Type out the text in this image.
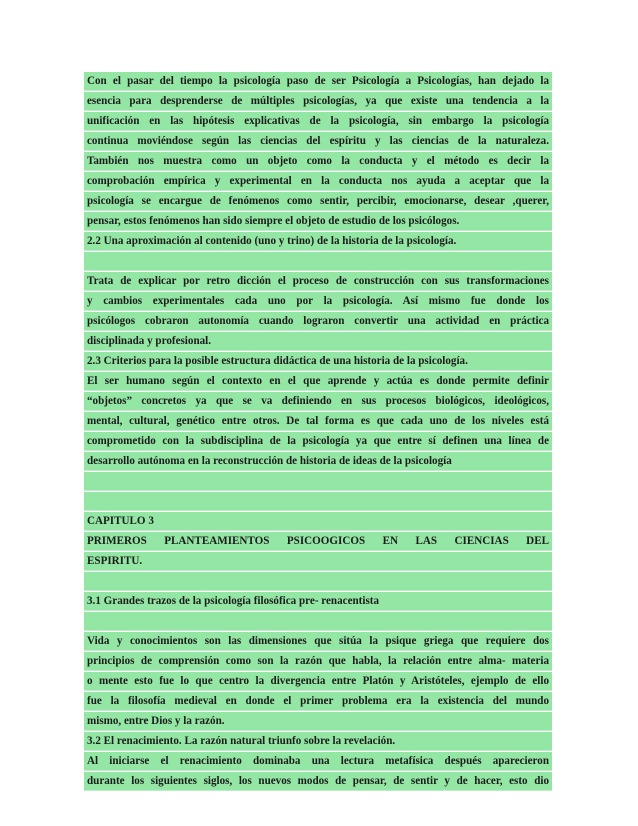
Con el pasar del tiempo la psicología paso de ser Psicología a Psicologías, han dejado la
esencia para desprenderse de múltiples psicologías, ya que existe una tendencia a la
unificación en las hipótesis explicativas de la psicología, sin embargo la psicología
continua moviéndose según las ciencias del espíritu y las ciencias de la naturaleza.
También nos muestra como un objeto como la conducta y el método es decir la
comprobación empírica y experimental en la conducta nos ayuda a aceptar que la
psicología se encargue de fenómenos como sentir, percibir, emocionarse, desear ,querer,
pensar, estos fenómenos han sido siempre el objeto de estudio de los psicólogos.
2.2 Una aproximación al contenido (uno y trino) de la historia de la psicología.
Trata de explicar por retro dicción el proceso de construcción con sus transformaciones
y cambios experimentales cada uno por la psicología. Así mismo fue donde los
psicólogos cobraron autonomía cuando lograron convertir una actividad en práctica
disciplinada y profesional.
2.3 Criterios para la posible estructura didáctica de una historia de la psicología.
El ser humano según el contexto en el que aprende y actúa es donde permite definir
“objetos” concretos ya que se va definiendo en sus procesos biológicos, ideológicos,
mental, cultural, genético entre otros. De tal forma es que cada uno de los niveles está
comprometido con la subdisciplina de la psicología ya que entre sí definen una línea de
desarrollo autónoma en la reconstrucción de historia de ideas de la psicología
CAPITULO 3
PRIMEROS PLANTEAMIENTOS PSICOOGICOS EN LAS CIENCIAS DEL
ESPIRITU.
3.1 Grandes trazos de la psicología filosófica pre- renacentista
Vida y conocimientos son las dimensiones que sitúa la psique griega que requiere dos
principios de comprensión como son la razón que habla, la relación entre alma- materia
o mente esto fue lo que centro la divergencia entre Platón y Aristóteles, ejemplo de ello
fue la filosofía medieval en donde el primer problema era la existencia del mundo
mismo, entre Dios y la razón.
3.2 El renacimiento. La razón natural triunfo sobre la revelación.
Al iniciarse el renacimiento dominaba una lectura metafísica después aparecieron
durante los siguientes siglos, los nuevos modos de pensar, de sentir y de hacer, esto dio
